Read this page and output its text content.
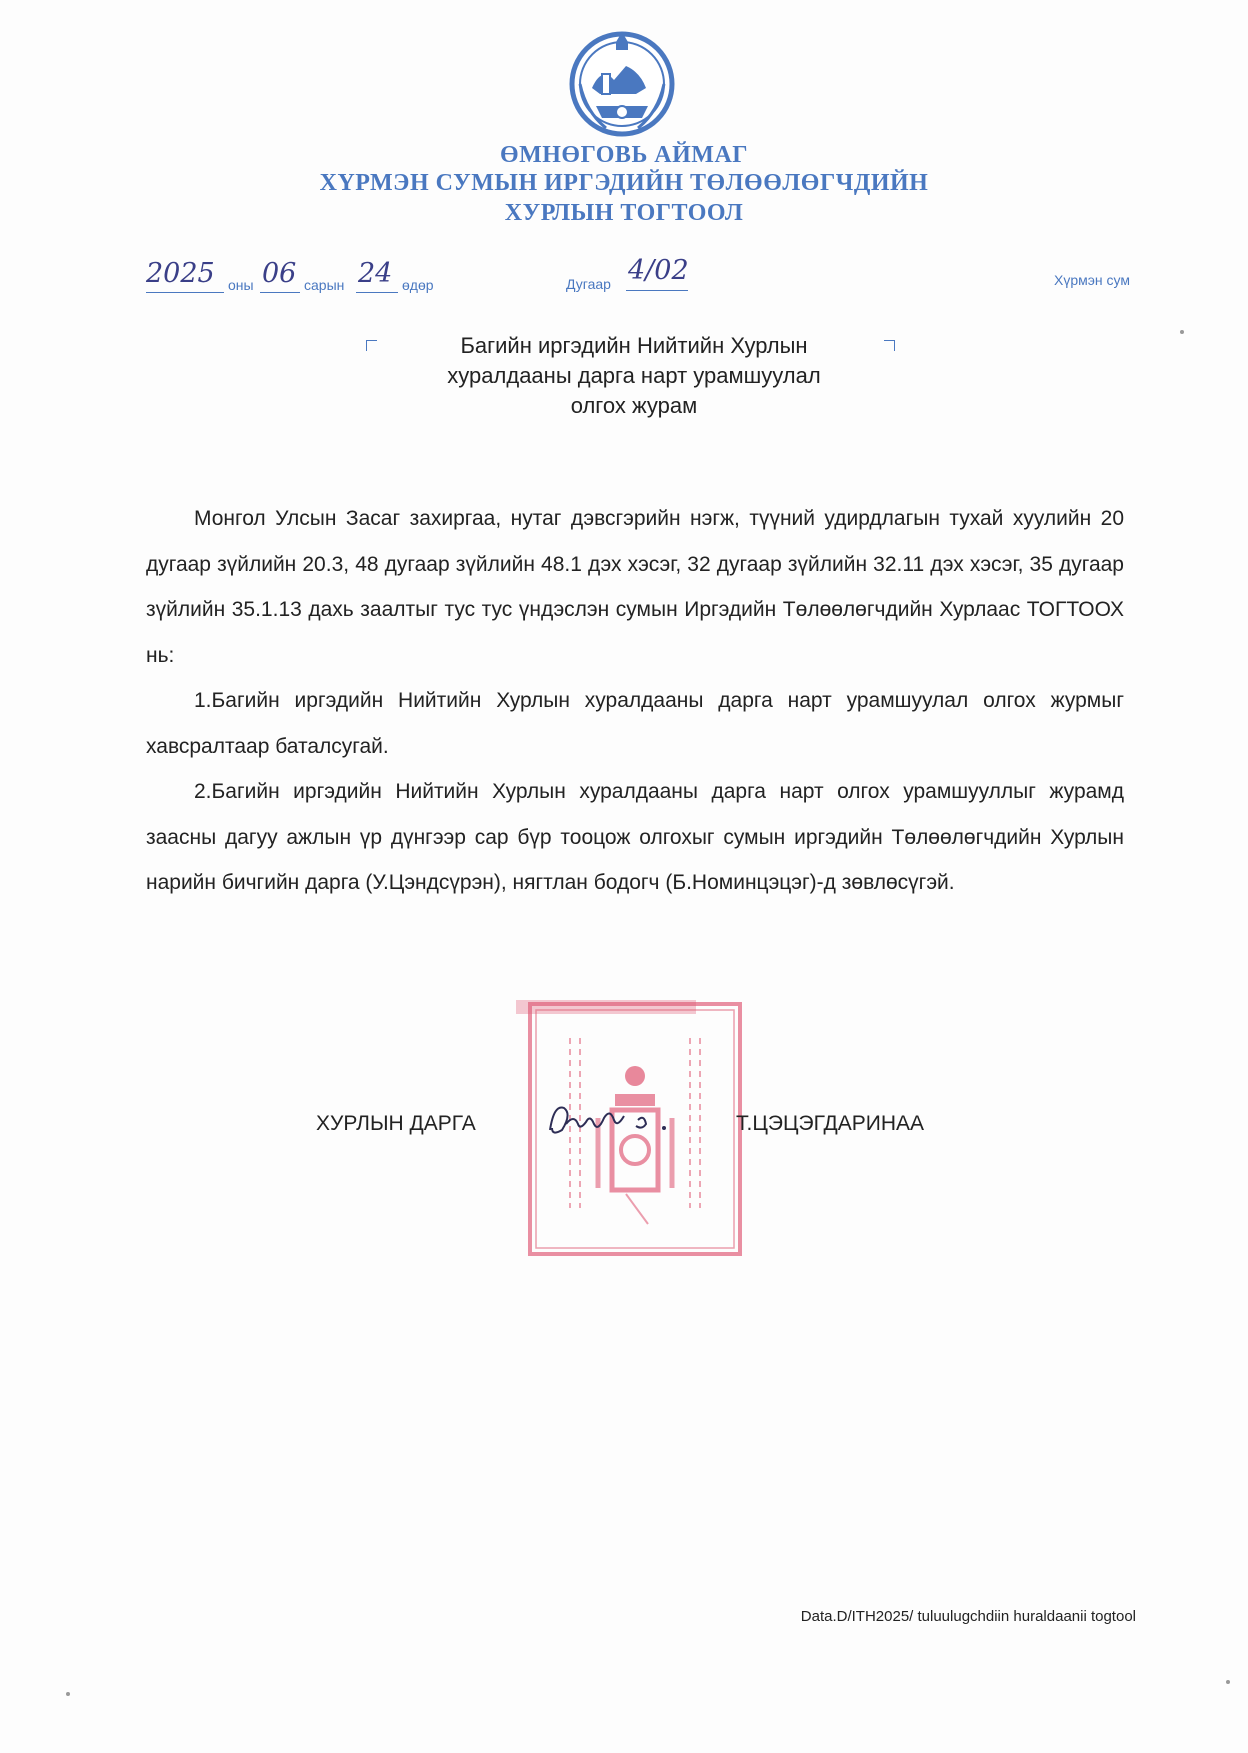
ӨМНӨГОВЬ АЙМАГ
ХҮРМЭН СУМЫН ИРГЭДИЙН ТӨЛӨӨЛӨГЧДИЙН
ХУРЛЫН ТОГТООЛ
2025 оны 06 сарын 24 өдөр	Дугаар 4/02	Хүрмэн сум
Багийн иргэдийн Нийтийн Хурлын
хуралдааны дарга нарт урамшуулал
олгох журам

Монгол Улсын Засаг захиргаа, нутаг дэвсгэрийн нэгж, түүний удирдлагын тухай хуулийн 20 дугаар зүйлийн 20.3, 48 дугаар зүйлийн 48.1 дэх хэсэг, 32 дугаар зүйлийн 32.11 дэх хэсэг, 35 дугаар зүйлийн 35.1.13 дахь заалтыг тус тус үндэслэн сумын Иргэдийн Төлөөлөгчдийн Хурлаас ТОГТООХ нь:

1.Багийн иргэдийн Нийтийн Хурлын хуралдааны дарга нарт урамшуулал олгох журмыг хавсралтаар баталсугай.

2.Багийн иргэдийн Нийтийн Хурлын хуралдааны дарга нарт олгох урамшууллыг журамд заасны дагуу ажлын үр дүнгээр сар бүр тооцож олгохыг сумын иргэдийн Төлөөлөгчдийн Хурлын нарийн бичгийн дарга (У.Цэндсүрэн), нягтлан бодогч (Б.Номинцэцэг)-д зөвлөсүгэй.

ХУРЛЫН ДАРГА	Т.ЦЭЦЭГДАРИНАА
Data.D/ITH2025/ tuluulugchdiin huraldaanii togtool
